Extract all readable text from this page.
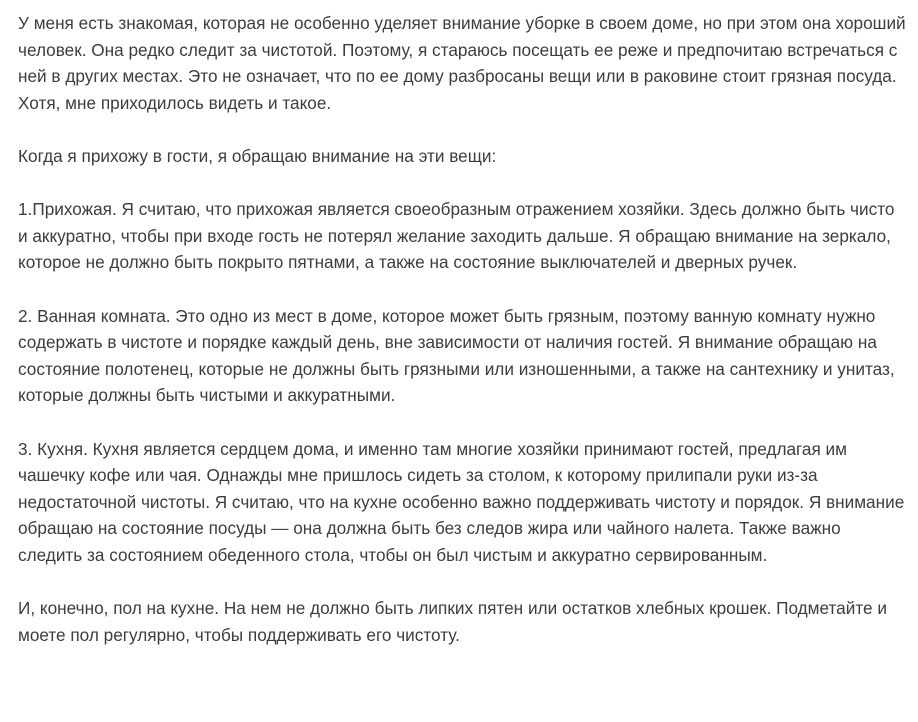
У меня есть знакомая, которая не особенно уделяет внимание уборке в своем доме, но при этом она хороший человек. Она редко следит за чистотой. Поэтому, я стараюсь посещать ее реже и предпочитаю встречаться с ней в других местах. Это не означает, что по ее дому разбросаны вещи или в раковине стоит грязная посуда. Хотя, мне приходилось видеть и такое.

Когда я прихожу в гости, я обращаю внимание на эти вещи:

1.Прихожая. Я считаю, что прихожая является своеобразным отражением хозяйки. Здесь должно быть чисто и аккуратно, чтобы при входе гость не потерял желание заходить дальше. Я обращаю внимание на зеркало, которое не должно быть покрыто пятнами, а также на состояние выключателей и дверных ручек.

2. Ванная комната. Это одно из мест в доме, которое может быть грязным, поэтому ванную комнату нужно содержать в чистоте и порядке каждый день, вне зависимости от наличия гостей. Я внимание обращаю на состояние полотенец, которые не должны быть грязными или изношенными, а также на сантехнику и унитаз, которые должны быть чистыми и аккуратными.

3. Кухня. Кухня является сердцем дома, и именно там многие хозяйки принимают гостей, предлагая им чашечку кофе или чая. Однажды мне пришлось сидеть за столом, к которому прилипали руки из-за недостаточной чистоты. Я считаю, что на кухне особенно важно поддерживать чистоту и порядок. Я внимание обращаю на состояние посуды — она должна быть без следов жира или чайного налета. Также важно следить за состоянием обеденного стола, чтобы он был чистым и аккуратно сервированным.

И, конечно, пол на кухне. На нем не должно быть липких пятен или остатков хлебных крошек. Подметайте и моете пол регулярно, чтобы поддерживать его чистоту.
